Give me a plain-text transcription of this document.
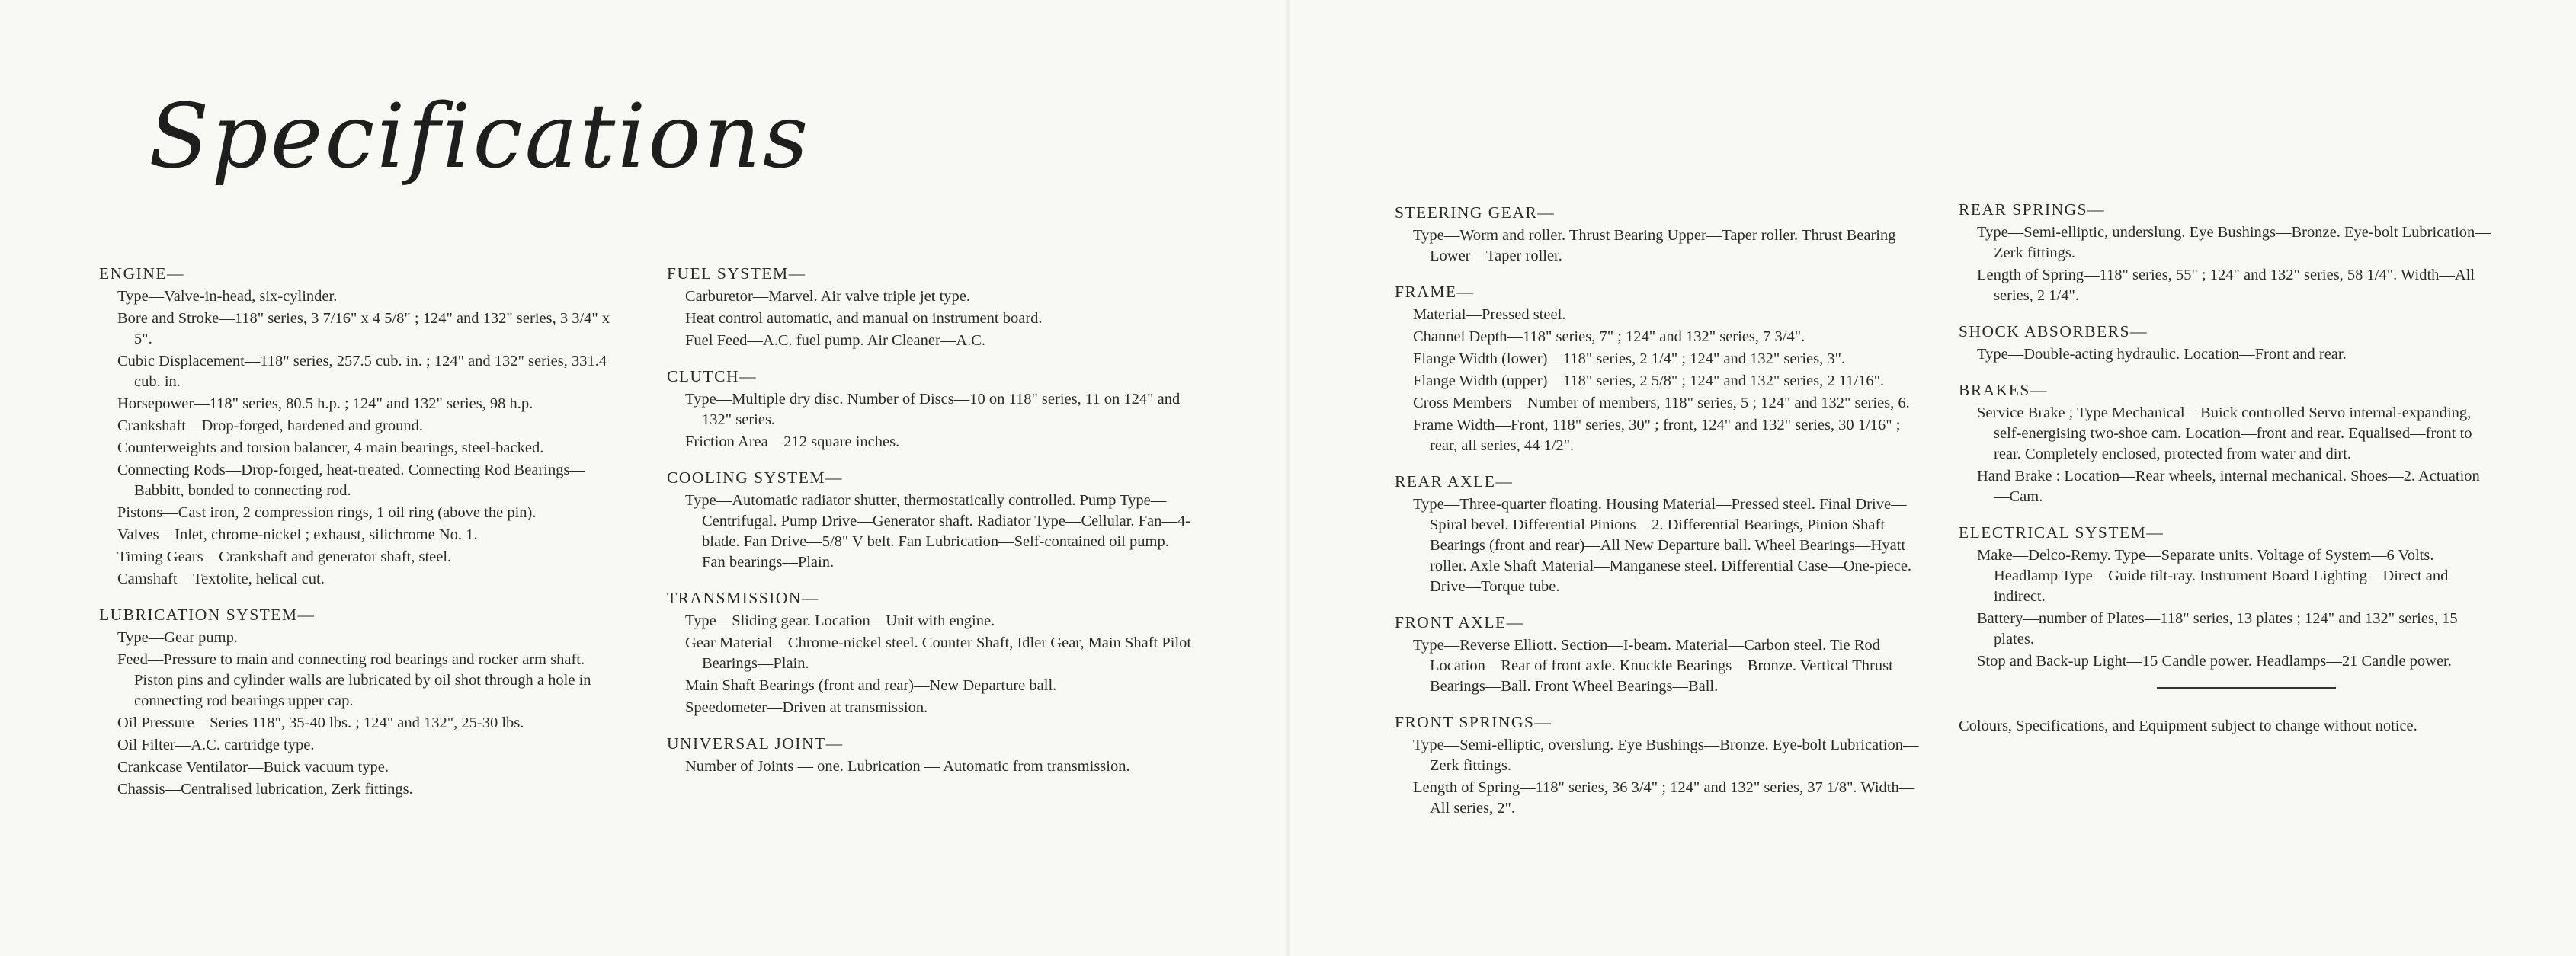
Specifications
ENGINE—
Type—Valve-in-head, six-cylinder.
Bore and Stroke—118" series, 3 7/16" x 4 5/8" ; 124" and 132" series, 3 3/4" x 5".
Cubic Displacement—118" series, 257.5 cub. in. ; 124" and 132" series, 331.4 cub. in.
Horsepower—118" series, 80.5 h.p. ; 124" and 132" series, 98 h.p.
Crankshaft—Drop-forged, hardened and ground.
Counterweights and torsion balancer, 4 main bearings, steel-backed.
Connecting Rods—Drop-forged, heat-treated. Connecting Rod Bearings—Babbitt, bonded to connecting rod.
Pistons—Cast iron, 2 compression rings, 1 oil ring (above the pin).
Valves—Inlet, chrome-nickel ; exhaust, silichrome No. 1.
Timing Gears—Crankshaft and generator shaft, steel.
Camshaft—Textolite, helical cut.
LUBRICATION SYSTEM—
Type—Gear pump.
Feed—Pressure to main and connecting rod bearings and rocker arm shaft. Piston pins and cylinder walls are lubricated by oil shot through a hole in connecting rod bearings upper cap.
Oil Pressure—Series 118", 35-40 lbs. ; 124" and 132", 25-30 lbs.
Oil Filter—A.C. cartridge type.
Crankcase Ventilator—Buick vacuum type.
Chassis—Centralised lubrication, Zerk fittings.
FUEL SYSTEM—
Carburetor—Marvel. Air valve triple jet type.
Heat control automatic, and manual on instrument board.
Fuel Feed—A.C. fuel pump. Air Cleaner—A.C.
CLUTCH—
Type—Multiple dry disc. Number of Discs—10 on 118" series, 11 on 124" and 132" series.
Friction Area—212 square inches.
COOLING SYSTEM—
Type—Automatic radiator shutter, thermostatically controlled. Pump Type—Centrifugal. Pump Drive—Generator shaft. Radiator Type—Cellular. Fan—4-blade. Fan Drive—5/8" V belt. Fan Lubrication—Self-contained oil pump. Fan bearings—Plain.
TRANSMISSION—
Type—Sliding gear. Location—Unit with engine.
Gear Material—Chrome-nickel steel. Counter Shaft, Idler Gear, Main Shaft Pilot Bearings—Plain.
Main Shaft Bearings (front and rear)—New Departure ball.
Speedometer—Driven at transmission.
UNIVERSAL JOINT—
Number of Joints — one. Lubrication — Automatic from transmission.
STEERING GEAR—
Type—Worm and roller. Thrust Bearing Upper—Taper roller. Thrust Bearing Lower—Taper roller.
FRAME—
Material—Pressed steel.
Channel Depth—118" series, 7" ; 124" and 132" series, 7 3/4".
Flange Width (lower)—118" series, 2 1/4" ; 124" and 132" series, 3".
Flange Width (upper)—118" series, 2 5/8" ; 124" and 132" series, 2 11/16".
Cross Members—Number of members, 118" series, 5 ; 124" and 132" series, 6.
Frame Width—Front, 118" series, 30" ; front, 124" and 132" series, 30 1/16" ; rear, all series, 44 1/2".
REAR AXLE—
Type—Three-quarter floating. Housing Material—Pressed steel. Final Drive—Spiral bevel. Differential Pinions—2. Differential Bearings, Pinion Shaft Bearings (front and rear)—All New Departure ball. Wheel Bearings—Hyatt roller. Axle Shaft Material—Manganese steel. Differential Case—One-piece. Drive—Torque tube.
FRONT AXLE—
Type—Reverse Elliott. Section—I-beam. Material—Carbon steel. Tie Rod Location—Rear of front axle. Knuckle Bearings—Bronze. Vertical Thrust Bearings—Ball. Front Wheel Bearings—Ball.
FRONT SPRINGS—
Type—Semi-elliptic, overslung. Eye Bushings—Bronze. Eye-bolt Lubrication—Zerk fittings.
Length of Spring—118" series, 36 3/4" ; 124" and 132" series, 37 1/8". Width—All series, 2".
REAR SPRINGS—
Type—Semi-elliptic, underslung. Eye Bushings—Bronze. Eye-bolt Lubrication—Zerk fittings.
Length of Spring—118" series, 55" ; 124" and 132" series, 58 1/4". Width—All series, 2 1/4".
SHOCK ABSORBERS—
Type—Double-acting hydraulic. Location—Front and rear.
BRAKES—
Service Brake ; Type Mechanical—Buick controlled Servo internal-expanding, self-energising two-shoe cam. Location—front and rear. Equalised—front to rear. Completely enclosed, protected from water and dirt.
Hand Brake : Location—Rear wheels, internal mechanical. Shoes—2. Actuation—Cam.
ELECTRICAL SYSTEM—
Make—Delco-Remy. Type—Separate units. Voltage of System—6 Volts. Headlamp Type—Guide tilt-ray. Instrument Board Lighting—Direct and indirect.
Battery—number of Plates—118" series, 13 plates ; 124" and 132" series, 15 plates.
Stop and Back-up Light—15 Candle power. Headlamps—21 Candle power.
Colours, Specifications, and Equipment subject to change without notice.
